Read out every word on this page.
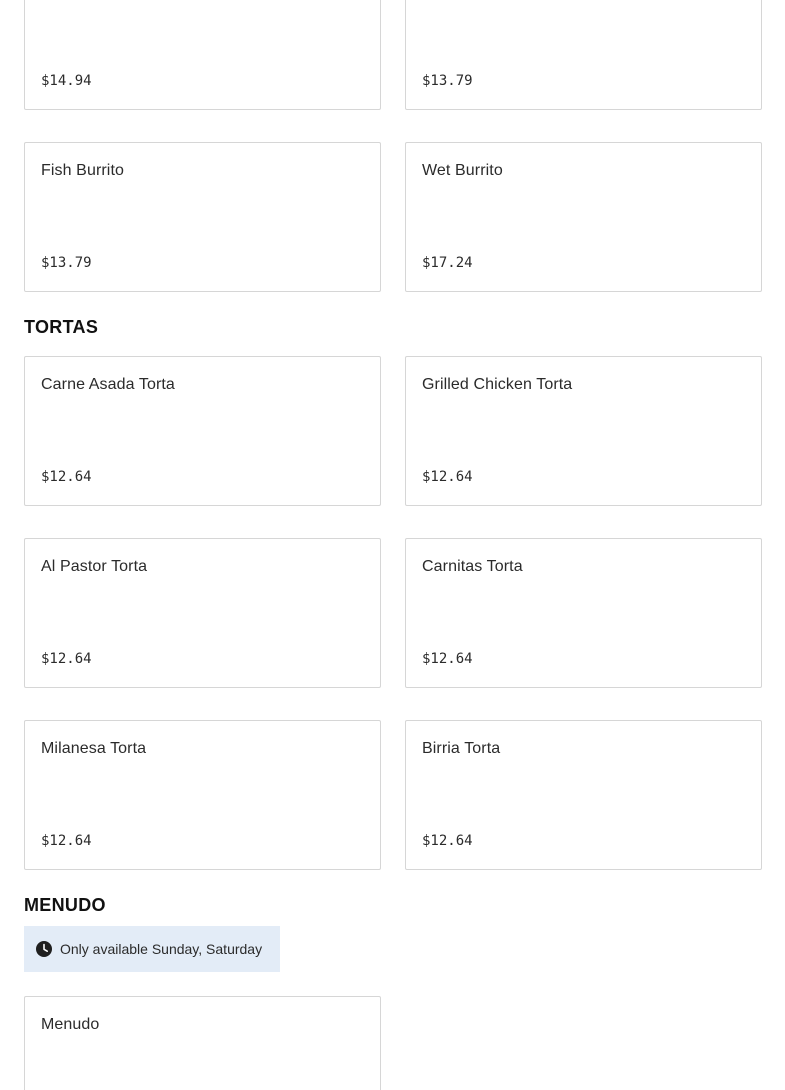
$14.94	$13.79
Fish Burrito
$13.79
Wet Burrito
$17.24
TORTAS
Carne Asada Torta
$12.64
Grilled Chicken Torta
$12.64
Al Pastor Torta
$12.64
Carnitas Torta
$12.64
Milanesa Torta
$12.64
Birria Torta
$12.64
MENUDO
Only available Sunday, Saturday
Menudo
